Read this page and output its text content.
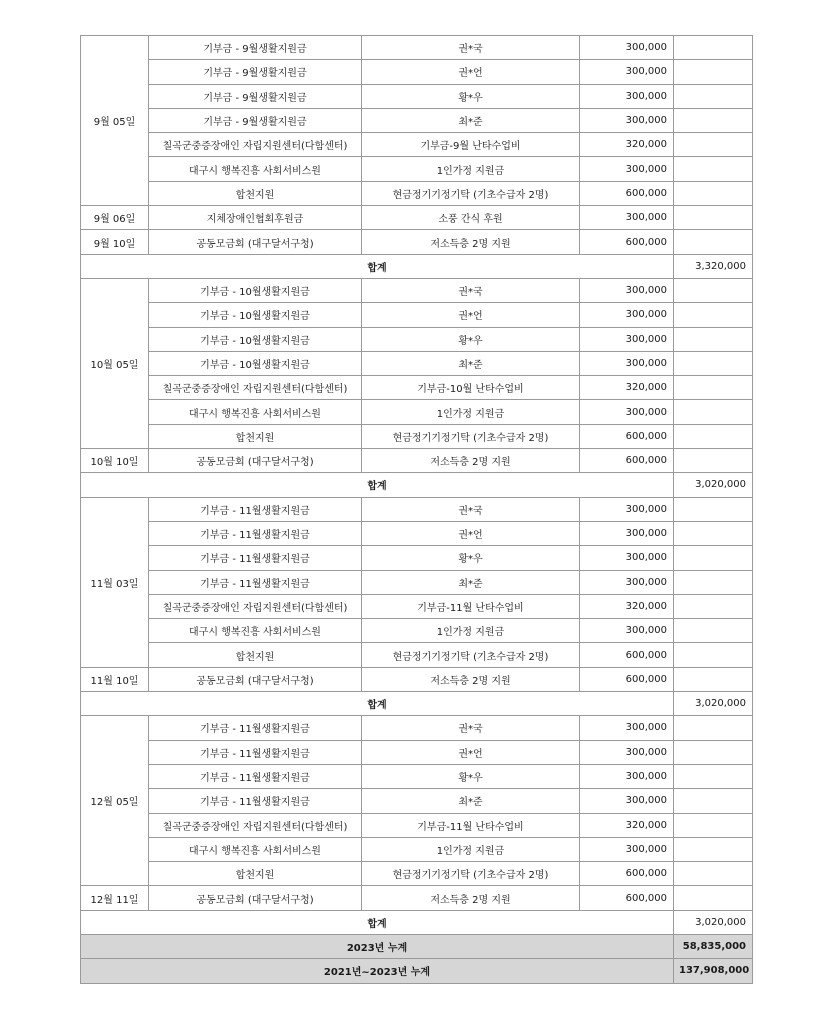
9월 05일	기부금 - 9월생활지원금	권*국	300,000	
	기부금 - 9월생활지원금	권*언	300,000	
	기부금 - 9월생활지원금	황*우	300,000	
	기부금 - 9월생활지원금	최*준	300,000	
	칠곡군중증장애인 자립지원센터(다함센터)	기부금-9월 난타수업비	320,000	
	대구시 행복진흥 사회서비스원	1인가정 지원금	300,000	
	합천지원	현금정기기정기탁 (기초수급자 2명)	600,000	
9월 06일	지체장애인협회후원금	소풍 간식 후원	300,000	
9월 10일	공동모금회 (대구달서구청)	저소득층 2명 지원	600,000	
합계				3,320,000
10월 05일	기부금 - 10월생활지원금	권*국	300,000	
	기부금 - 10월생활지원금	권*언	300,000	
	기부금 - 10월생활지원금	황*우	300,000	
	기부금 - 10월생활지원금	최*준	300,000	
	칠곡군중증장애인 자립지원센터(다함센터)	기부금-10월 난타수업비	320,000	
	대구시 행복진흥 사회서비스원	1인가정 지원금	300,000	
	합천지원	현금정기기정기탁 (기초수급자 2명)	600,000	
10월 10일	공동모금회 (대구달서구청)	저소득층 2명 지원	600,000	
합계				3,020,000
11월 03일	기부금 - 11월생활지원금	권*국	300,000	
	기부금 - 11월생활지원금	권*언	300,000	
	기부금 - 11월생활지원금	황*우	300,000	
	기부금 - 11월생활지원금	최*준	300,000	
	칠곡군중증장애인 자립지원센터(다함센터)	기부금-11월 난타수업비	320,000	
	대구시 행복진흥 사회서비스원	1인가정 지원금	300,000	
	합천지원	현금정기기정기탁 (기초수급자 2명)	600,000	
11월 10일	공동모금회 (대구달서구청)	저소득층 2명 지원	600,000	
합계				3,020,000
12월 05일	기부금 - 11월생활지원금	권*국	300,000	
	기부금 - 11월생활지원금	권*언	300,000	
	기부금 - 11월생활지원금	황*우	300,000	
	기부금 - 11월생활지원금	최*준	300,000	
	칠곡군중증장애인 자립지원센터(다함센터)	기부금-11월 난타수업비	320,000	
	대구시 행복진흥 사회서비스원	1인가정 지원금	300,000	
	합천지원	현금정기기정기탁 (기초수급자 2명)	600,000	
12월 11일	공동모금회 (대구달서구청)	저소득층 2명 지원	600,000	
합계				3,020,000
2023년 누계				58,835,000
2021년~2023년 누계				137,908,000
